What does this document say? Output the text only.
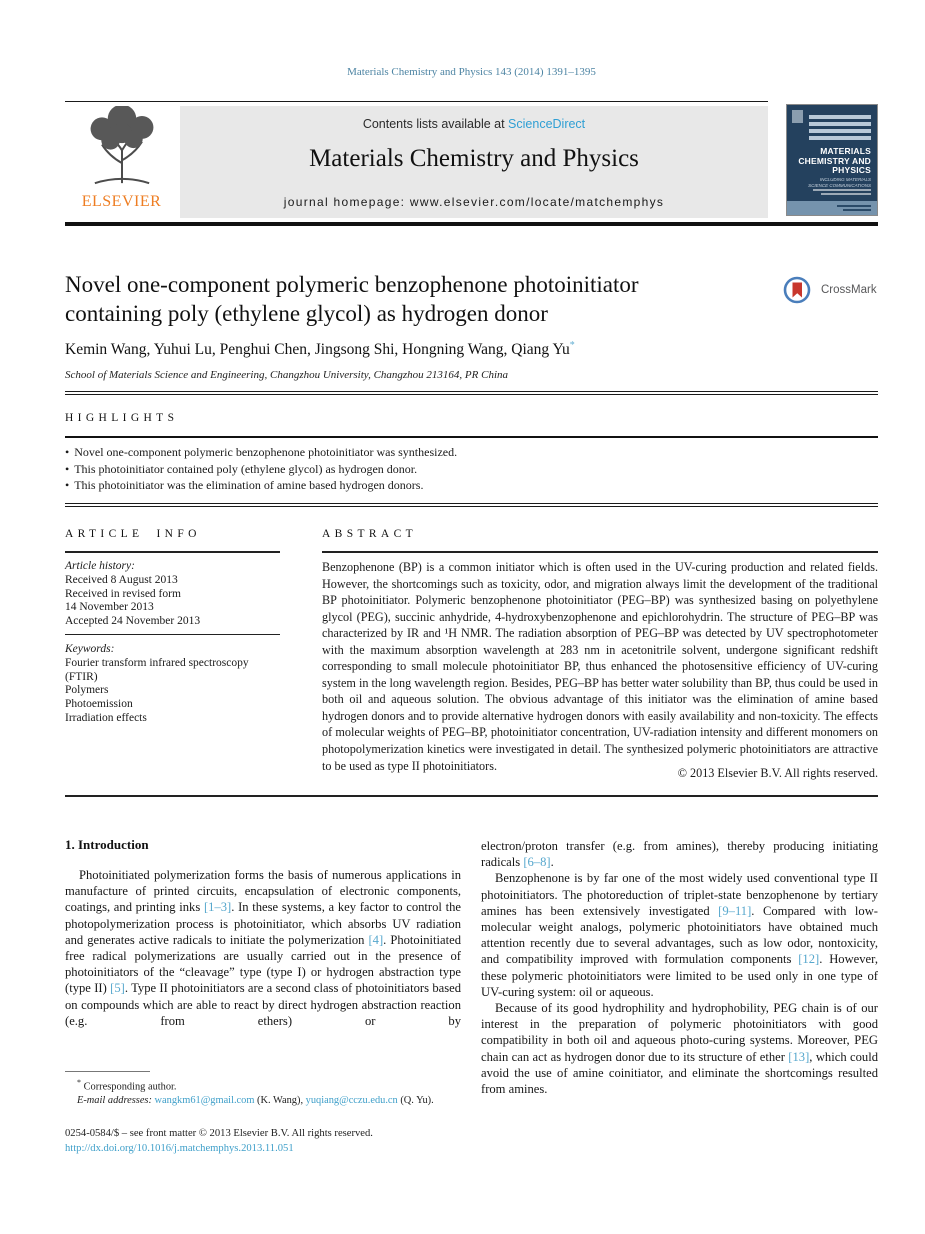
Materials Chemistry and Physics 143 (2014) 1391–1395
ELSEVIER
Contents lists available at ScienceDirect
Materials Chemistry and Physics
journal homepage: www.elsevier.com/locate/matchemphys
MATERIALS CHEMISTRY AND PHYSICS
INCLUDING MATERIALS SCIENCE COMMUNICATIONS
Novel one-component polymeric benzophenone photoinitiator containing poly (ethylene glycol) as hydrogen donor
CrossMark
Kemin Wang, Yuhui Lu, Penghui Chen, Jingsong Shi, Hongning Wang, Qiang Yu*
School of Materials Science and Engineering, Changzhou University, Changzhou 213164, PR China
HIGHLIGHTS
• Novel one-component polymeric benzophenone photoinitiator was synthesized.
• This photoinitiator contained poly (ethylene glycol) as hydrogen donor.
• This photoinitiator was the elimination of amine based hydrogen donors.
ARTICLE INFO
Article history:
Received 8 August 2013
Received in revised form
14 November 2013
Accepted 24 November 2013
Keywords:
Fourier transform infrared spectroscopy
(FTIR)
Polymers
Photoemission
Irradiation effects
ABSTRACT
Benzophenone (BP) is a common initiator which is often used in the UV-curing production and related fields. However, the shortcomings such as toxicity, odor, and migration always limit the development of the traditional BP photoinitiator. Polymeric benzophenone photoinitiator (PEG–BP) was synthesized basing on polyethylene glycol (PEG), succinic anhydride, 4-hydroxybenzophenone and epichlorohydrin. The structure of PEG–BP was characterized by IR and ¹H NMR. The radiation absorption of PEG–BP was detected by UV spectrophotometer with the maximum absorption wavelength at 283 nm in acetonitrile solvent, undergone significant redshift corresponding to small molecule photoinitiator BP, thus enhanced the photosensitive efficiency of UV-curing system in the long wavelength region. Besides, PEG–BP has better water solubility than BP, thus could be used in both oil and aqueous solution. The obvious advantage of this initiator was the elimination of amine based hydrogen donors and to provide alternative hydrogen donors with easily availability and non-toxicity. The effects of molecular weights of PEG–BP, photoinitiator concentration, UV-radiation intensity and different monomers on photopolymerization kinetics were investigated in detail. The synthesized polymeric photoinitiators are attractive to be used as type II photoinitiators.
© 2013 Elsevier B.V. All rights reserved.
1. Introduction

Photoinitiated polymerization forms the basis of numerous applications in manufacture of printed circuits, encapsulation of electronic components, coatings, and printing inks [1–3]. In these systems, a key factor to control the photopolymerization process is photoinitiator, which absorbs UV radiation and generates active radicals to initiate the polymerization [4]. Photoinitiated free radical polymerizations are usually carried out in the presence of photoinitiators of the “cleavage” type (type I) or hydrogen abstraction type (type II) [5]. Type II photoinitiators are a second class of photoinitiators based on compounds which are able to react by direct hydrogen abstraction reaction (e.g. from ethers) or by

electron/proton transfer (e.g. from amines), thereby producing initiating radicals [6–8].

Benzophenone is by far one of the most widely used conventional type II photoinitiators. The photoreduction of triplet-state benzophenone by tertiary amines has been extensively investigated [9–11]. Compared with low-molecular weight analogs, polymeric photoinitiators have obtained much attention recently due to several advantages, such as low odor, nontoxicity, and compatibility improved with formulation components [12]. However, these polymeric photoinitiators were limited to be used only in one type of UV-curing system: oil or aqueous.

Because of its good hydrophility and hydrophobility, PEG chain is of our interest in the preparation of polymeric photoinitiators with good compatibility in both oil and aqueous photo-curing systems. Moreover, PEG chain can act as hydrogen donor due to its structure of ether [13], which could avoid the use of amine coinitiator, and eliminate the shortcomings resulted from amines.

* Corresponding author.
E-mail addresses: wangkm61@gmail.com (K. Wang), yuqiang@cczu.edu.cn (Q. Yu).
0254-0584/$ – see front matter © 2013 Elsevier B.V. All rights reserved.
http://dx.doi.org/10.1016/j.matchemphys.2013.11.051
